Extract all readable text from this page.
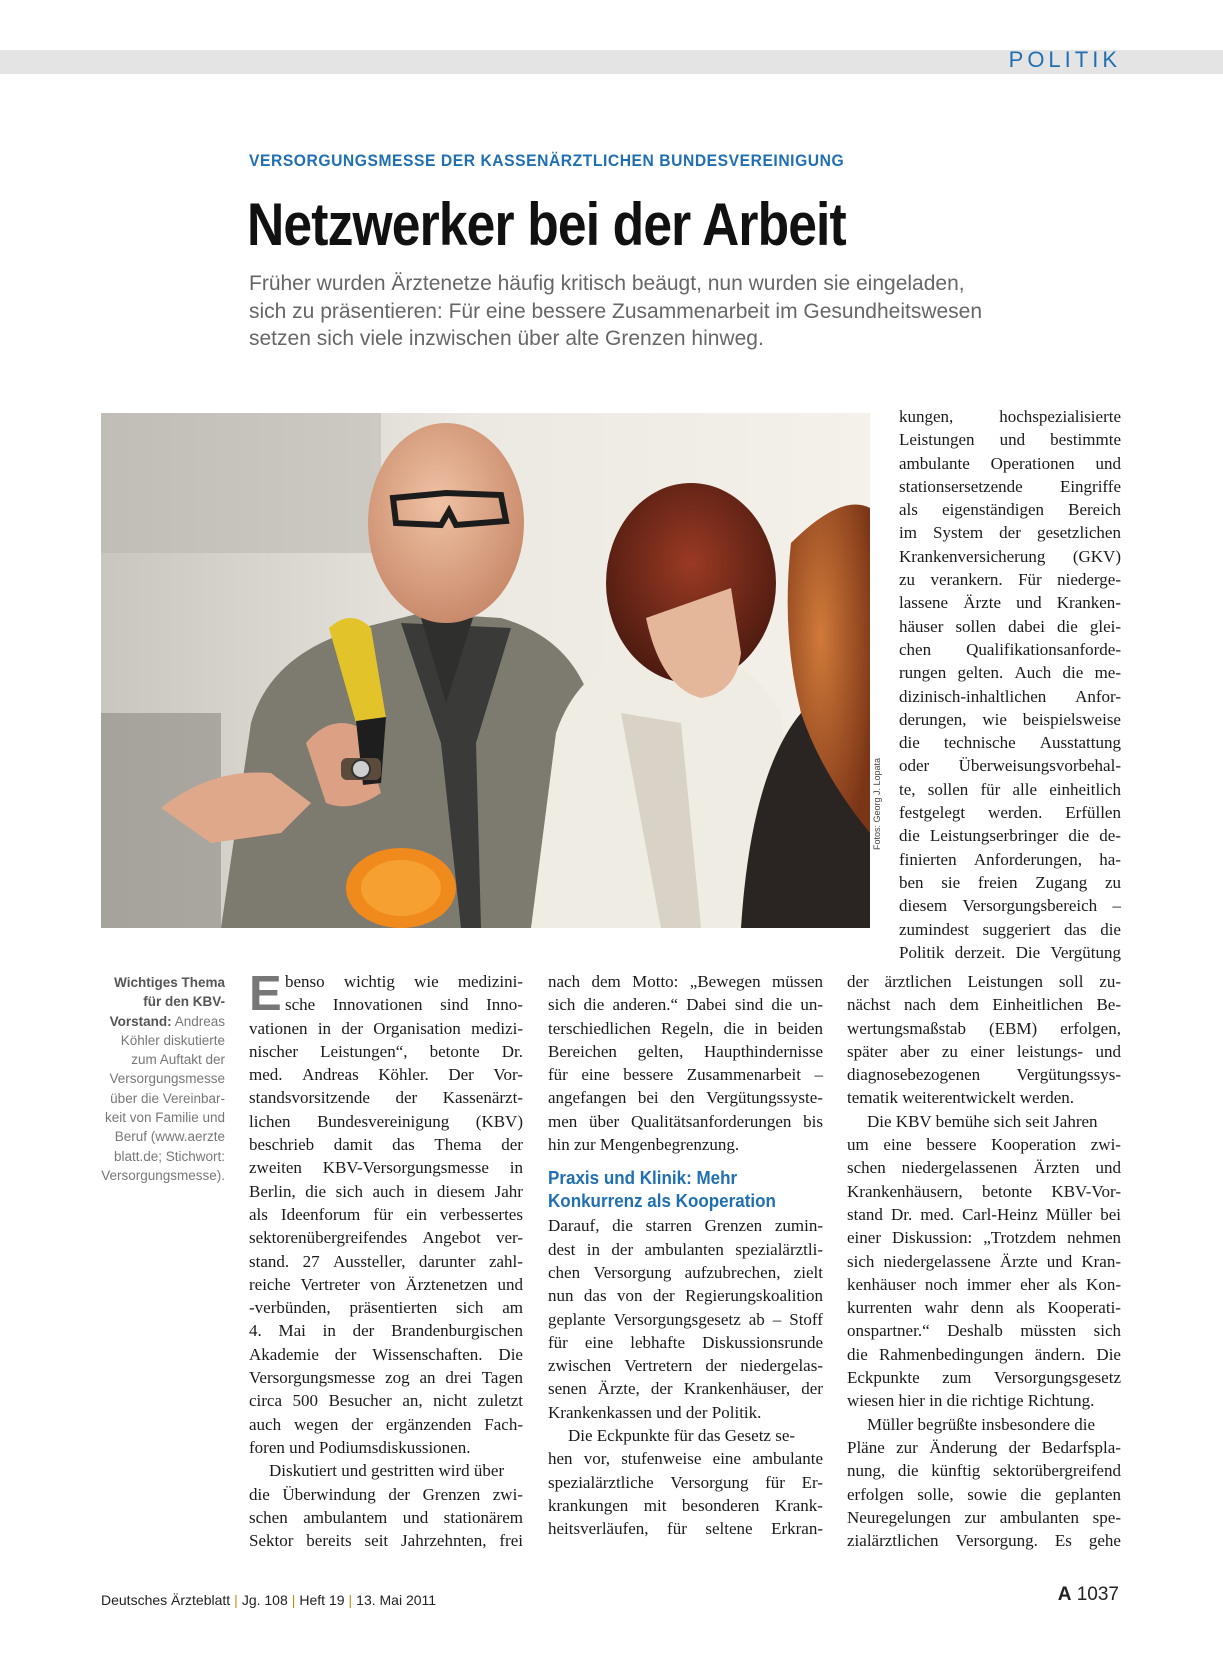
POLITIK
VERSORGUNGSMESSE DER KASSENÄRZTLICHEN BUNDESVEREINIGUNG
Netzwerker bei der Arbeit
Früher wurden Ärztenetze häufig kritisch beäugt, nun wurden sie eingeladen,
sich zu präsentieren: Für eine bessere Zusammenarbeit im Gesundheitswesen
setzen sich viele inzwischen über alte Grenzen hinweg.
Fotos: Georg J. Lopata
Wichtiges Thema
für den KBV-
Vorstand: Andreas
Köhler diskutierte
zum Auftakt der
Versorgungsmesse
über die Vereinbar-
keit von Familie und
Beruf (www.aerzte
blatt.de; Stichwort:
Versorgungsmesse).
E benso wichtig wie medizini-
sche Innovationen sind Inno-
vationen in der Organisation medizi-
nischer Leistungen“, betonte Dr.
med. Andreas Köhler. Der Vor-
standsvorsitzende der Kassenärzt-
lichen Bundesvereinigung (KBV)
beschrieb damit das Thema der
zweiten KBV-Versorgungsmesse in
Berlin, die sich auch in diesem Jahr
als Ideenforum für ein verbessertes
sektorenübergreifendes Angebot ver-
stand. 27 Aussteller, darunter zahl-
reiche Vertreter von Ärztenetzen und
-verbünden, präsentierten sich am
4. Mai in der Brandenburgischen
Akademie der Wissenschaften. Die
Versorgungsmesse zog an drei Tagen
circa 500 Besucher an, nicht zuletzt
auch wegen der ergänzenden Fach-
foren und Podiumsdiskussionen.
Diskutiert und gestritten wird über
die Überwindung der Grenzen zwi-
schen ambulantem und stationärem
Sektor bereits seit Jahrzehnten, frei
nach dem Motto: „Bewegen müssen
sich die anderen.“ Dabei sind die un-
terschiedlichen Regeln, die in beiden
Bereichen gelten, Haupthindernisse
für eine bessere Zusammenarbeit –
angefangen bei den Vergütungssyste-
men über Qualitätsanforderungen bis
hin zur Mengenbegrenzung.
Praxis und Klinik: Mehr
Konkurrenz als Kooperation
Darauf, die starren Grenzen zumin-
dest in der ambulanten spezialärztli-
chen Versorgung aufzubrechen, zielt
nun das von der Regierungskoalition
geplante Versorgungsgesetz ab – Stoff
für eine lebhafte Diskussionsrunde
zwischen Vertretern der niedergelas-
senen Ärzte, der Krankenhäuser, der
Krankenkassen und der Politik.
Die Eckpunkte für das Gesetz se-
hen vor, stufenweise eine ambulante
spezialärztliche Versorgung für Er-
krankungen mit besonderen Krank-
heitsverläufen, für seltene Erkran-
kungen,	hochspezialisierte
Leistungen und bestimmte
ambulante Operationen und
stationsersetzende Eingriffe
als eigenständigen Bereich
im System der gesetzlichen
Krankenversicherung (GKV)
zu verankern. Für niederge-
lassene Ärzte und Kranken-
häuser sollen dabei die glei-
chen Qualifikationsanforde-
rungen gelten. Auch die me-
dizinisch-inhaltlichen Anfor-
derungen, wie beispielsweise
die technische Ausstattung
oder Überweisungsvorbehal-
te, sollen für alle einheitlich
festgelegt werden. Erfüllen
die Leistungserbringer die de-
finierten Anforderungen, ha-
ben sie freien Zugang zu
diesem Versorgungsbereich –
zumindest suggeriert das die
Politik derzeit. Die Vergütung
der ärztlichen Leistungen soll zu-
nächst nach dem Einheitlichen Be-
wertungsmaßstab (EBM) erfolgen,
später aber zu einer leistungs- und
diagnosebezogenen Vergütungssys-
tematik weiterentwickelt werden.
Die KBV bemühe sich seit Jahren
um eine bessere Kooperation zwi-
schen niedergelassenen Ärzten und
Krankenhäusern, betonte KBV-Vor-
stand Dr. med. Carl-Heinz Müller bei
einer Diskussion: „Trotzdem nehmen
sich niedergelassene Ärzte und Kran-
kenhäuser noch immer eher als Kon-
kurrenten wahr denn als Kooperati-
onspartner.“ Deshalb müssten sich
die Rahmenbedingungen ändern. Die
Eckpunkte zum Versorgungsgesetz
wiesen hier in die richtige Richtung.
Müller begrüßte insbesondere die
Pläne zur Änderung der Bedarfspla-
nung, die künftig sektorübergreifend
erfolgen solle, sowie die geplanten
Neuregelungen zur ambulanten spe-
zialärztlichen Versorgung. Es gehe
Deutsches Ärzteblatt | Jg. 108 | Heft 19 | 13. Mai 2011	A 1037
